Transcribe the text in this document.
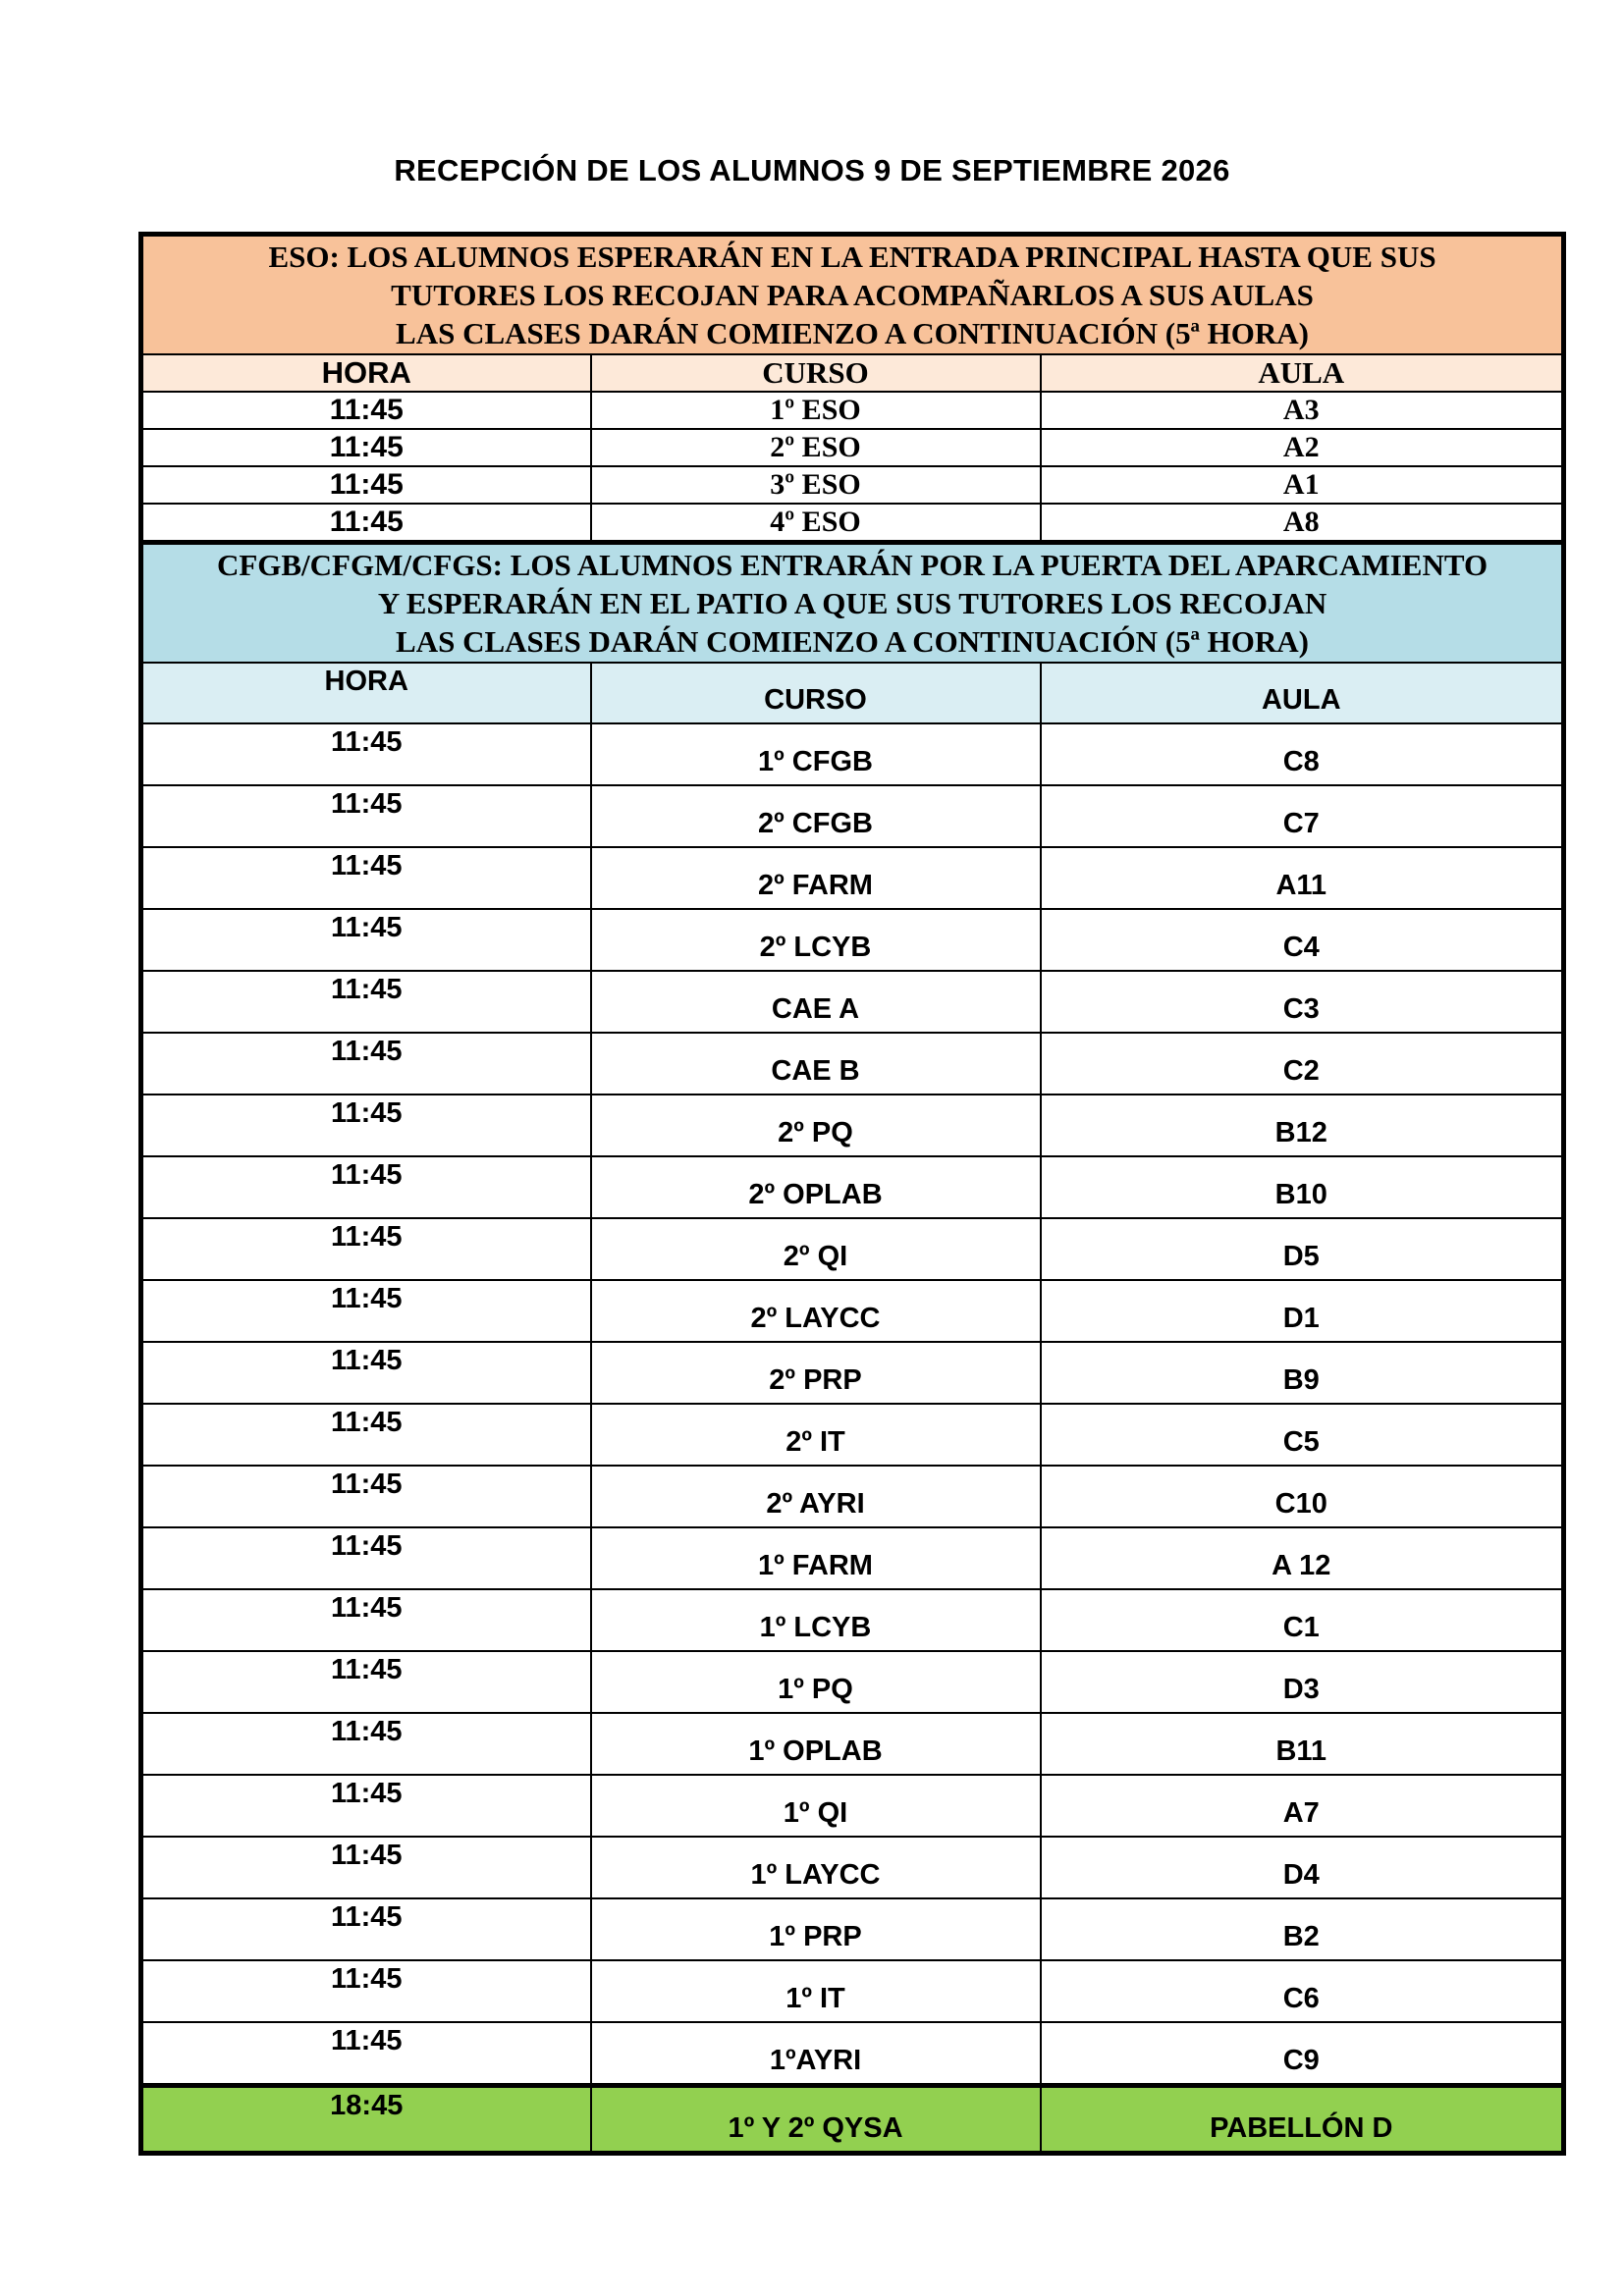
RECEPCIÓN DE LOS ALUMNOS 9 DE SEPTIEMBRE 2026
ESO: LOS ALUMNOS ESPERARÁN EN LA ENTRADA PRINCIPAL HASTA QUE SUS
TUTORES LOS RECOJAN PARA ACOMPAÑARLOS A SUS AULAS
LAS CLASES DARÁN COMIENZO A CONTINUACIÓN (5ª HORA)		

HORA	CURSO	AULA
11:45	1º ESO	A3
11:45	2º ESO	A2
11:45	3º ESO	A1
11:45	4º ESO	A8

CFGB/CFGM/CFGS: LOS ALUMNOS ENTRARÁN POR LA PUERTA DEL APARCAMIENTO
Y ESPERARÁN EN EL PATIO A QUE SUS TUTORES LOS RECOJAN
LAS CLASES DARÁN COMIENZO A CONTINUACIÓN (5ª HORA)		

HORA	CURSO	AULA
11:45	1º CFGB	C8
11:45	2º CFGB	C7
11:45	2º FARM	A11
11:45	2º LCYB	C4
11:45	CAE A	C3
11:45	CAE B	C2
11:45	2º PQ	B12
11:45	2º OPLAB	B10
11:45	2º QI	D5
11:45	2º LAYCC	D1
11:45	2º PRP	B9
11:45	2º IT	C5
11:45	2º AYRI	C10
11:45	1º FARM	A 12
11:45	1º LCYB	C1
11:45	1º PQ	D3
11:45	1º OPLAB	B11
11:45	1º QI	A7
11:45	1º LAYCC	D4
11:45	1º PRP	B2
11:45	1º IT	C6
11:45	1ºAYRI	C9
18:45	1º Y 2º QYSA	PABELLÓN D
